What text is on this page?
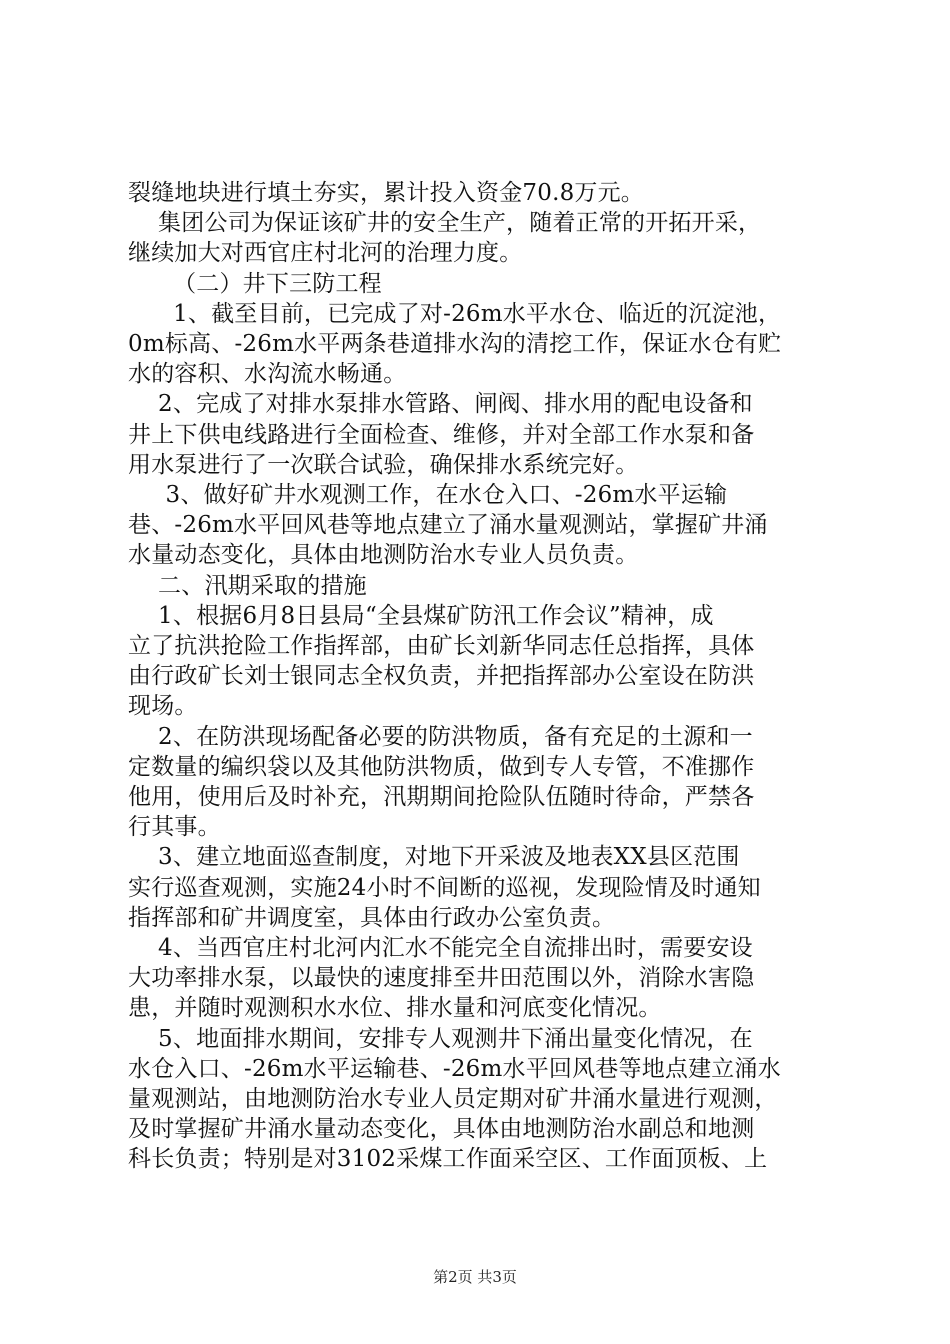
裂缝地块进行填土夯实，累计投入资金70.8万元。
集团公司为保证该矿井的安全生产，随着正常的开拓开采，
继续加大对西官庄村北河的治理力度。
（二）井下三防工程
1、截至目前，已完成了对-26m水平水仓、临近的沉淀池，
0m标高、-26m水平两条巷道排水沟的清挖工作，保证水仓有贮
水的容积、水沟流水畅通。
2、完成了对排水泵排水管路、闸阀、排水用的配电设备和
井上下供电线路进行全面检查、维修，并对全部工作水泵和备
用水泵进行了一次联合试验，确保排水系统完好。
3、做好矿井水观测工作，在水仓入口、-26m水平运输
巷、-26m水平回风巷等地点建立了涌水量观测站，掌握矿井涌
水量动态变化，具体由地测防治水专业人员负责。
二、汛期采取的措施
1、根据6月8日县局“全县煤矿防汛工作会议”精神，成
立了抗洪抢险工作指挥部，由矿长刘新华同志任总指挥，具体
由行政矿长刘士银同志全权负责，并把指挥部办公室设在防洪
现场。
2、在防洪现场配备必要的防洪物质，备有充足的土源和一
定数量的编织袋以及其他防洪物质，做到专人专管，不准挪作
他用，使用后及时补充，汛期期间抢险队伍随时待命，严禁各
行其事。
3、建立地面巡查制度，对地下开采波及地表XX县区范围
实行巡查观测，实施24小时不间断的巡视，发现险情及时通知
指挥部和矿井调度室，具体由行政办公室负责。
4、当西官庄村北河内汇水不能完全自流排出时，需要安设
大功率排水泵，以最快的速度排至井田范围以外，消除水害隐
患，并随时观测积水水位、排水量和河底变化情况。
5、地面排水期间，安排专人观测井下涌出量变化情况，在
水仓入口、-26m水平运输巷、-26m水平回风巷等地点建立涌水
量观测站，由地测防治水专业人员定期对矿井涌水量进行观测，
及时掌握矿井涌水量动态变化，具体由地测防治水副总和地测
科长负责；特别是对3102采煤工作面采空区、工作面顶板、上
第2页 共3页
